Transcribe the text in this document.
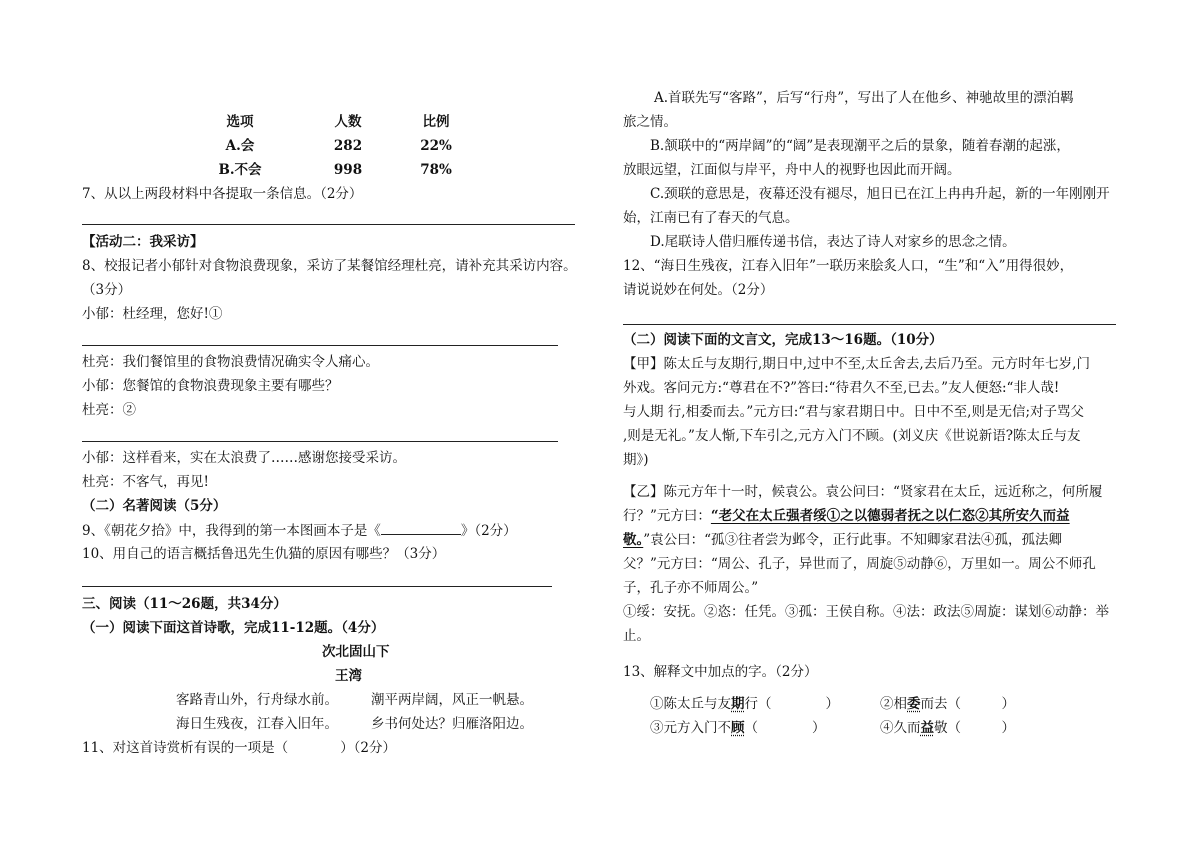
选项	人数	比例
A.会	282	22%
B.不会	998	78%
7、从以上两段材料中各提取一条信息。（2分）
【活动二：我采访】
8、校报记者小郁针对食物浪费现象，采访了某餐馆经理杜亮，请补充其采访内容。
（3分）
小郁：杜经理，您好!①
杜亮：我们餐馆里的食物浪费情况确实令人痛心。
小郁：您餐馆的食物浪费现象主要有哪些？
杜亮：②
小郁：这样看来，实在太浪费了……感谢您接受采访。
杜亮：不客气，再见!
（二）名著阅读（5分）
9、《朝花夕拾》中，我得到的第一本图画本子是《	》（2分）
10、用自己的语言概括鲁迅先生仇猫的原因有哪些？（3分）
三、阅读（11～26题，共34分）
（一）阅读下面这首诗歌，完成11-12题。（4分）
次北固山下
王湾
客路青山外，行舟绿水前。 潮平两岸阔，风正一帆悬。
海日生残夜，江春入旧年。 乡书何处达？归雁洛阳边。
11、对这首诗赏析有误的一项是（	）（2分）
A.首联先写“客路”，后写“行舟”，写出了人在他乡、神驰故里的漂泊羁
旅之情。
B.颔联中的“两岸阔”的“阔”是表现潮平之后的景象，随着春潮的起涨，
放眼远望，江面似与岸平，舟中人的视野也因此而开阔。
C.颈联的意思是，夜幕还没有褪尽，旭日已在江上冉冉升起，新的一年刚刚开
始，江南已有了春天的气息。
D.尾联诗人借归雁传递书信，表达了诗人对家乡的思念之情。
12、“海日生残夜，江春入旧年”一联历来脍炙人口，“生”和“入”用得很妙，
请说说妙在何处。（2分）
（二）阅读下面的文言文，完成13～16题。（10分）
【甲】陈太丘与友期行,期日中,过中不至,太丘舍去,去后乃至。元方时年七岁,门
外戏。客问元方:“尊君在不?”答曰:“待君久不至,已去。”友人便怒:“非人哉!
与人期 行,相委而去。”元方曰:“君与家君期日中。日中不至,则是无信;对子骂父
,则是无礼。”友人惭,下车引之,元方入门不顾。(刘义庆《世说新语?陈太丘与友
期》)
【乙】陈元方年十一时，候袁公。袁公问曰：“贤家君在太丘，远近称之，何所履
行？”元方曰：“老父在太丘强者绥①之以德弱者抚之以仁恣②其所安久而益
敬。”袁公曰：“孤③往者尝为邺令，正行此事。不知卿家君法④孤，孤法卿
父？”元方曰：“周公、孔子，异世而了，周旋⑤动静⑥，万里如一。周公不师孔
子，孔子亦不师周公。”
①绥：安抚。②恣：任凭。③孤：王侯自称。④法：政法⑤周旋：谋划⑥动静：举
止。
13、解释文中加点的字。（2分）
①陈太丘与友期行（　　　　）	②相委而去（　　　）
③元方入门不顾（　　　　）	④久而益敬（　　　）
